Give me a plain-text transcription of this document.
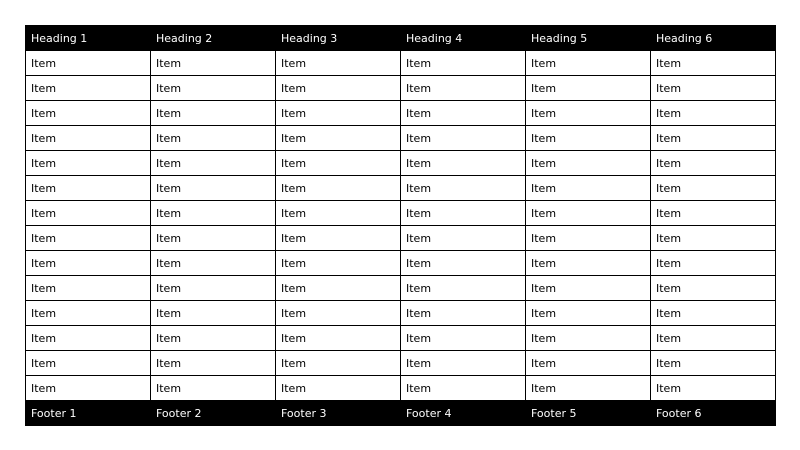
Heading 1	Heading 2	Heading 3	Heading 4	Heading 5	Heading 6
Item	Item	Item	Item	Item	Item
Item	Item	Item	Item	Item	Item
Item	Item	Item	Item	Item	Item
Item	Item	Item	Item	Item	Item
Item	Item	Item	Item	Item	Item
Item	Item	Item	Item	Item	Item
Item	Item	Item	Item	Item	Item
Item	Item	Item	Item	Item	Item
Item	Item	Item	Item	Item	Item
Item	Item	Item	Item	Item	Item
Item	Item	Item	Item	Item	Item
Item	Item	Item	Item	Item	Item
Item	Item	Item	Item	Item	Item
Item	Item	Item	Item	Item	Item
Footer 1	Footer 2	Footer 3	Footer 4	Footer 5	Footer 6
